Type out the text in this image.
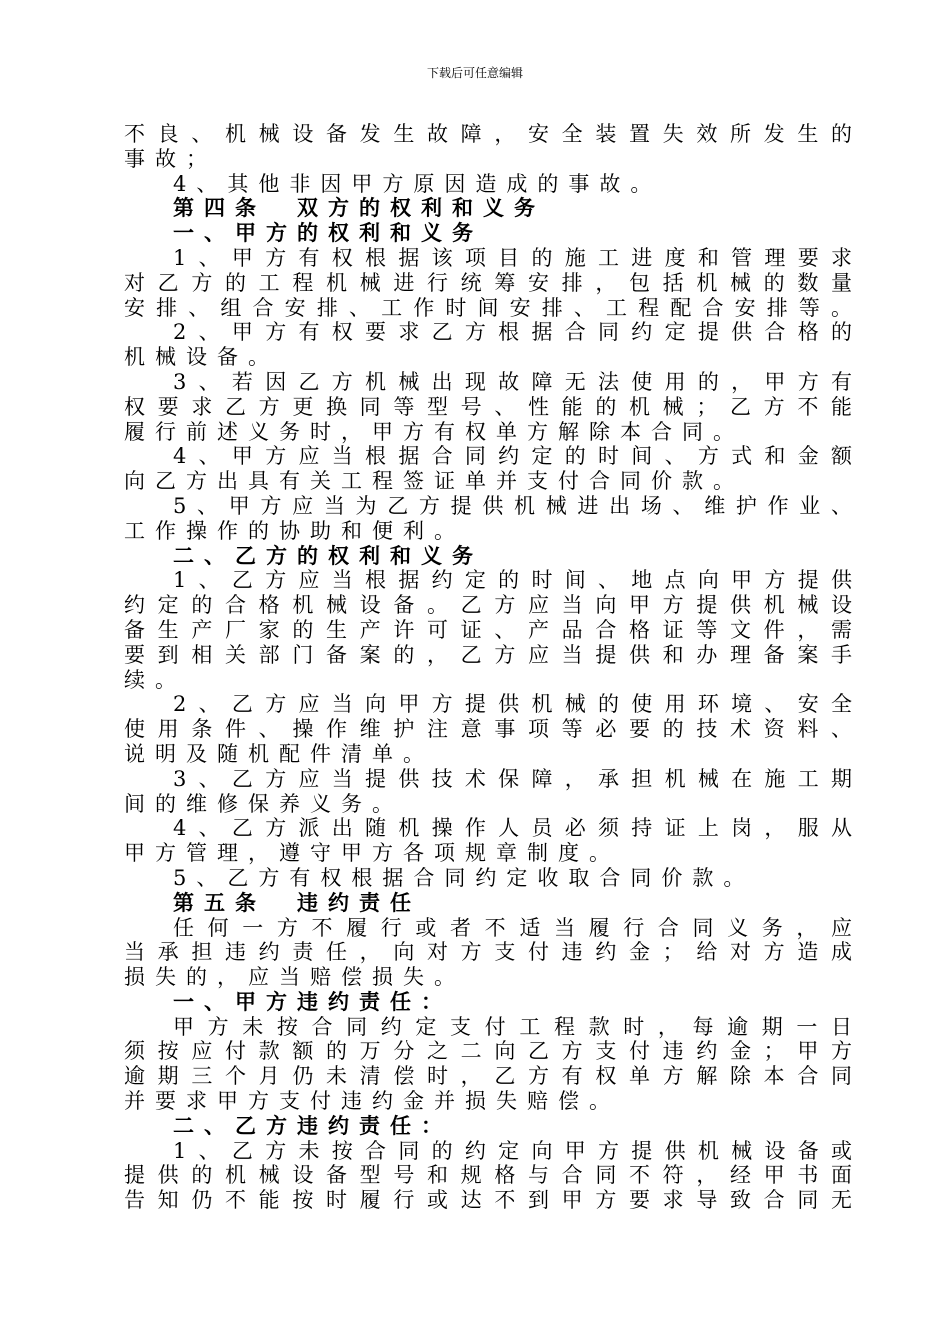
下载后可任意编辑
不良、机械设备发生故障，安全装置失效所发生的
事故；
4、其他非因甲方原因造成的事故。
第四条　双方的权利和义务
一、甲方的权利和义务
1、甲方有权根据该项目的施工进度和管理要求
对乙方的工程机械进行统筹安排，包括机械的数量
安排、组合安排、工作时间安排、工程配合安排等。
2、甲方有权要求乙方根据合同约定提供合格的
机械设备。
3、若因乙方机械出现故障无法使用的，甲方有
权要求乙方更换同等型号、性能的机械；乙方不能
履行前述义务时，甲方有权单方解除本合同。
4、甲方应当根据合同约定的时间、方式和金额
向乙方出具有关工程签证单并支付合同价款。
5、甲方应当为乙方提供机械进出场、维护作业、
工作操作的协助和便利。
二、乙方的权利和义务
1、乙方应当根据约定的时间、地点向甲方提供
约定的合格机械设备。乙方应当向甲方提供机械设
备生产厂家的生产许可证、产品合格证等文件，需
要到相关部门备案的，乙方应当提供和办理备案手
续。
2、乙方应当向甲方提供机械的使用环境、安全
使用条件、操作维护注意事项等必要的技术资料、
说明及随机配件清单。
3、乙方应当提供技术保障，承担机械在施工期
间的维修保养义务。
4、乙方派出随机操作人员必须持证上岗，服从
甲方管理，遵守甲方各项规章制度。
5、乙方有权根据合同约定收取合同价款。
第五条　违约责任
任何一方不履行或者不适当履行合同义务，应
当承担违约责任，向对方支付违约金；给对方造成
损失的，应当赔偿损失。
一、甲方违约责任：
甲方未按合同约定支付工程款时，每逾期一日
须按应付款额的万分之二向乙方支付违约金；甲方
逾期三个月仍未清偿时，乙方有权单方解除本合同
并要求甲方支付违约金并损失赔偿。
二、乙方违约责任：
1、乙方未按合同的约定向甲方提供机械设备或
提供的机械设备型号和规格与合同不符，经甲书面
告知仍不能按时履行或达不到甲方要求导致合同无
